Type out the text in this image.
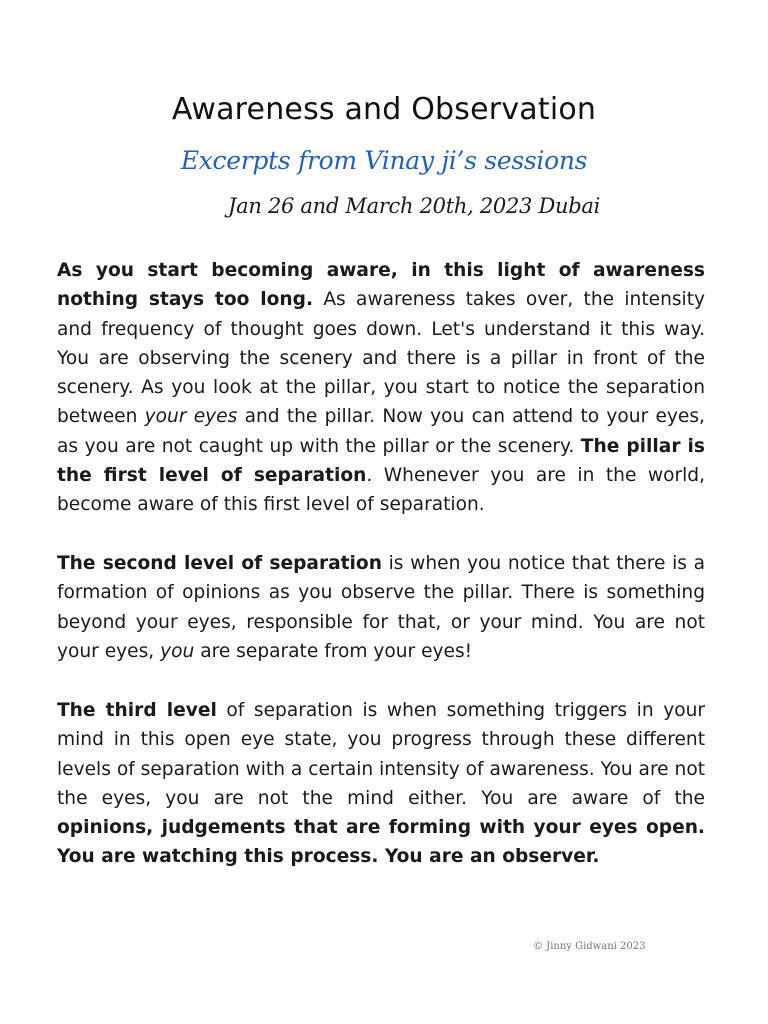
Awareness and Observation
Excerpts from Vinay ji’s sessions
Jan 26 and March 20th, 2023 Dubai

As you start becoming aware, in this light of awareness nothing stays too long. As awareness takes over, the intensity and frequency of thought goes down. Let's understand it this way. You are observing the scenery and there is a pillar in front of the scenery. As you look at the pillar, you start to notice the separation between your eyes and the pillar. Now you can attend to your eyes, as you are not caught up with the pillar or the scenery. The pillar is the first level of separation. Whenever you are in the world, become aware of this first level of separation.

The second level of separation is when you notice that there is a formation of opinions as you observe the pillar. There is something beyond your eyes, responsible for that, or your mind. You are not your eyes, you are separate from your eyes!

The third level of separation is when something triggers in your mind in this open eye state, you progress through these different levels of separation with a certain intensity of awareness. You are not the eyes, you are not the mind either. You are aware of the opinions, judgements that are forming with your eyes open. You are watching this process. You are an observer.

© Jinny Gidwani 2023
